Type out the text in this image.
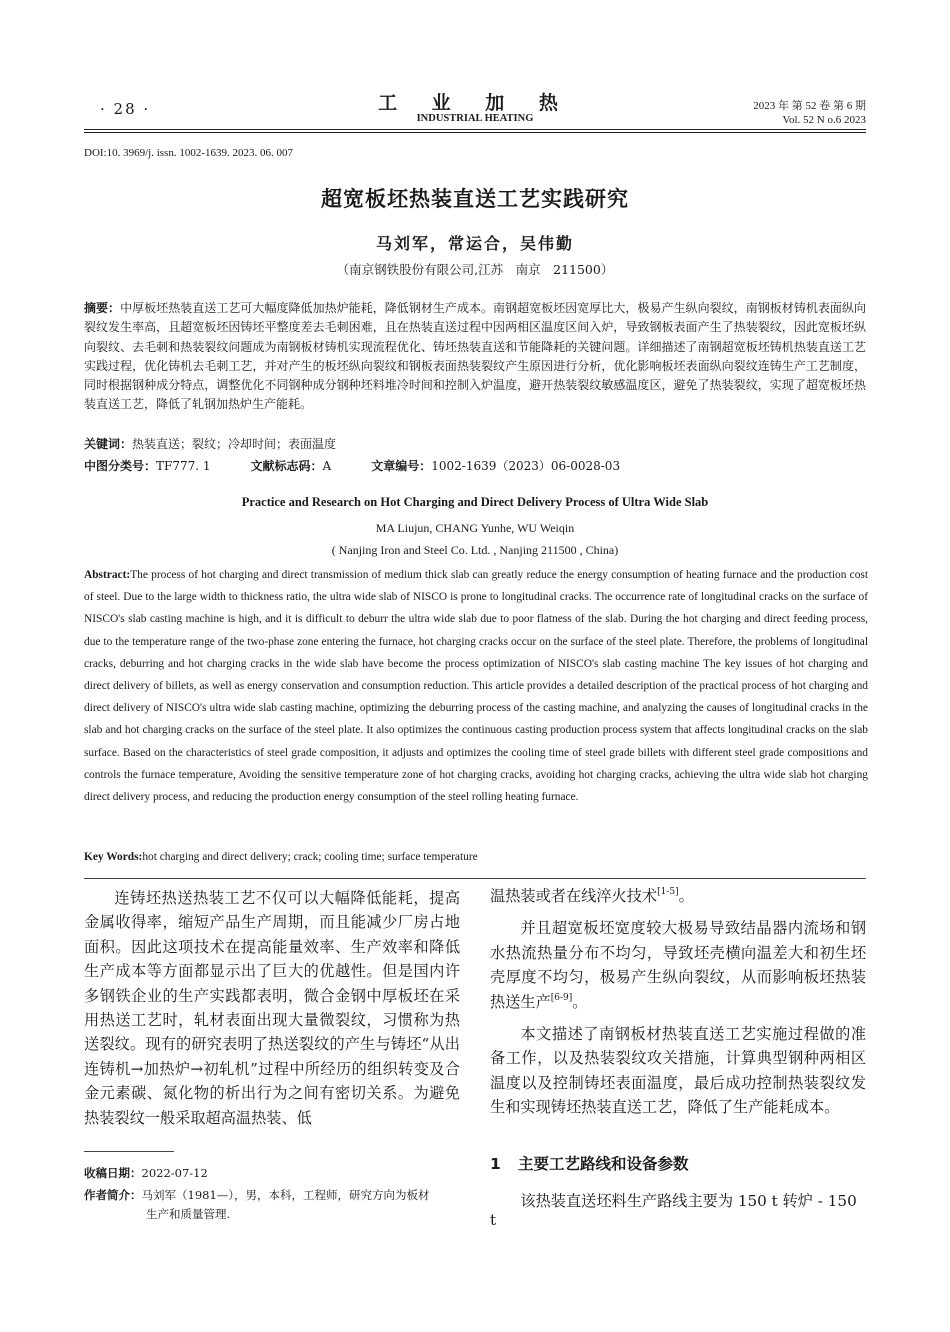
· 28 ·	工 业 加 热
INDUSTRIAL HEATING
2023 年 第 52 卷 第 6 期
Vol. 52 N o.6 2023
DOI:10. 3969/j. issn. 1002-1639. 2023. 06. 007
超宽板坯热装直送工艺实践研究
马刘军，常运合，吴伟勤
（南京钢铁股份有限公司,江苏　南京　211500）
摘要：中厚板坯热装直送工艺可大幅度降低加热炉能耗，降低钢材生产成本。南钢超宽板坯因宽厚比大，极易产生纵向裂纹，南钢板材铸机表面纵向裂纹发生率高，且超宽板坯因铸坯平整度差去毛刺困难，且在热装直送过程中因两相区温度区间入炉，导致钢板表面产生了热装裂纹，因此宽板坯纵向裂纹、去毛刺和热装裂纹问题成为南钢板材铸机实现流程优化、铸坯热装直送和节能降耗的关键问题。详细描述了南钢超宽板坯铸机热装直送工艺实践过程，优化铸机去毛刺工艺，并对产生的板坯纵向裂纹和钢板表面热装裂纹产生原因进行分析，优化影响板坯表面纵向裂纹连铸生产工艺制度，同时根据钢种成分特点，调整优化不同钢种成分钢种坯料堆冷时间和控制入炉温度，避开热装裂纹敏感温度区，避免了热装裂纹，实现了超宽板坯热装直送工艺，降低了轧钢加热炉生产能耗。
关键词：热装直送；裂纹；冷却时间；表面温度
中图分类号：TF777. 1	文献标志码：A	文章编号：1002-1639（2023）06-0028-03
Practice and Research on Hot Charging and Direct Delivery Process of Ultra Wide Slab
MA Liujun, CHANG Yunhe, WU Weiqin
( Nanjing Iron and Steel Co. Ltd. , Nanjing 211500 , China)
Abstract:The process of hot charging and direct transmission of medium thick slab can greatly reduce the energy consumption of heating furnace and the production cost of steel. Due to the large width to thickness ratio, the ultra wide slab of NISCO is prone to longitudinal cracks. The occurrence rate of longitudinal cracks on the surface of NISCO's slab casting machine is high, and it is difficult to deburr the ultra wide slab due to poor flatness of the slab. During the hot charging and direct feeding process, due to the temperature range of the two-phase zone entering the furnace, hot charging cracks occur on the surface of the steel plate. Therefore, the problems of longitudinal cracks, deburring and hot charging cracks in the wide slab have become the process optimization of NISCO's slab casting machine The key issues of hot charging and direct delivery of billets, as well as energy conservation and consumption reduction. This article provides a detailed description of the practical process of hot charging and direct delivery of NISCO's ultra wide slab casting machine, optimizing the deburring process of the casting machine, and analyzing the causes of longitudinal cracks in the slab and hot charging cracks on the surface of the steel plate. It also optimizes the continuous casting production process system that affects longitudinal cracks on the slab surface. Based on the characteristics of steel grade composition, it adjusts and optimizes the cooling time of steel grade billets with different steel grade compositions and controls the furnace temperature, Avoiding the sensitive temperature zone of hot charging cracks, avoiding hot charging cracks, achieving the ultra wide slab hot charging direct delivery process, and reducing the production energy consumption of the steel rolling heating furnace.
Key Words:hot charging and direct delivery; crack; cooling time; surface temperature

连铸坯热送热装工艺不仅可以大幅降低能耗，提高金属收得率，缩短产品生产周期，而且能减少厂房占地面积。因此这项技术在提高能量效率、生产效率和降低生产成本等方面都显示出了巨大的优越性。但是国内许多钢铁企业的生产实践都表明，微合金钢中厚板坯在采用热送工艺时，轧材表面出现大量微裂纹，习惯称为热送裂纹。现有的研究表明了热送裂纹的产生与铸坯“从出连铸机→加热炉→初轧机”过程中所经历的组织转变及合金元素碳、氮化物的析出行为之间有密切关系。为避免热装裂纹一般采取超高温热装、低

温热装或者在线淬火技术[1-5]。

并且超宽板坯宽度较大极易导致结晶器内流场和钢水热流热量分布不均匀，导致坯壳横向温差大和初生坯壳厚度不均匀，极易产生纵向裂纹，从而影响板坯热装热送生产[6-9]。

本文描述了南钢板材热装直送工艺实施过程做的准备工作，以及热装裂纹攻关措施，计算典型钢种两相区温度以及控制铸坯表面温度，最后成功控制热装裂纹发生和实现铸坯热装直送工艺，降低了生产能耗成本。

1 主要工艺路线和设备参数
该热装直送坯料生产路线主要为 150 t 转炉 - 150 t
收稿日期：2022-07-12
作者简介：马刘军（1981—），男，本科，工程师，研究方向为板材
生产和质量管理.
